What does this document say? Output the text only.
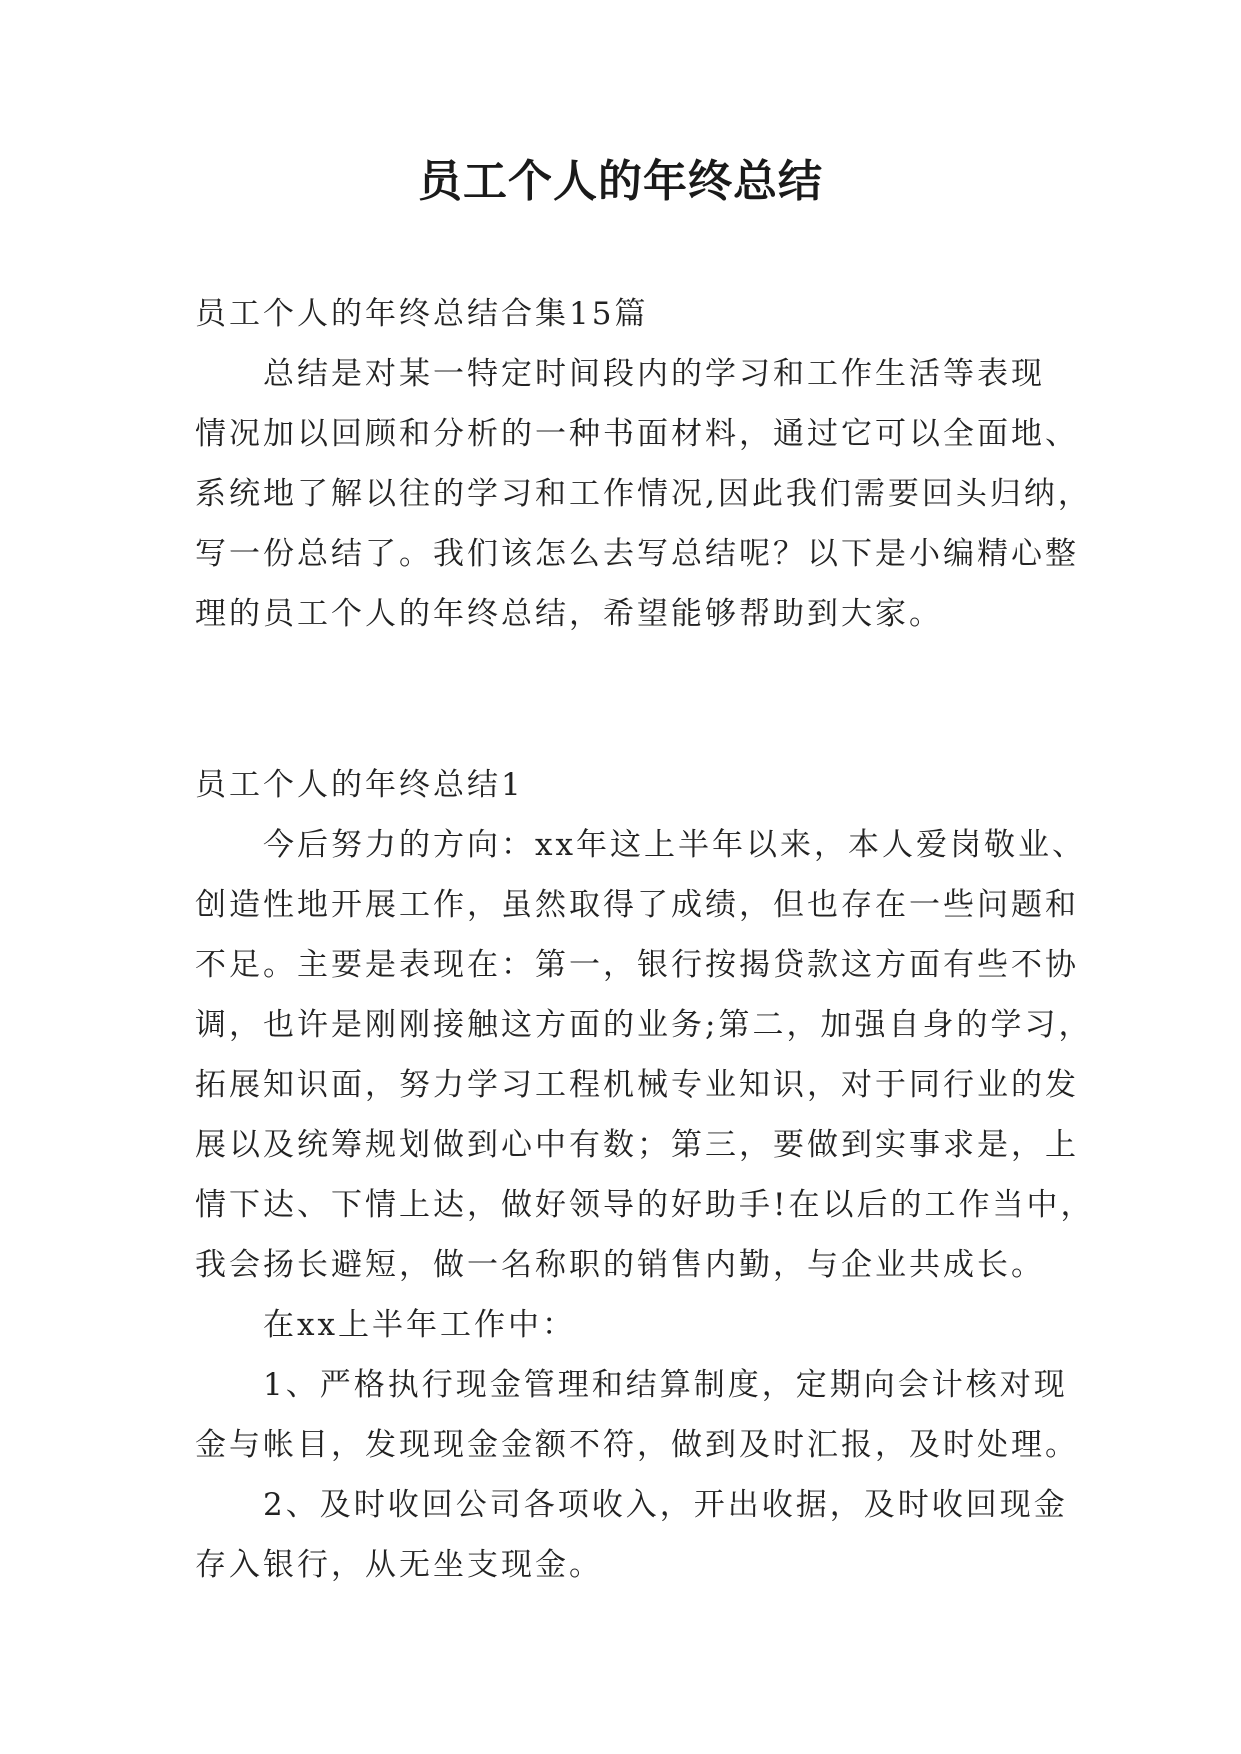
员工个人的年终总结
员工个人的年终总结合集15篇
总结是对某一特定时间段内的学习和工作生活等表现
情况加以回顾和分析的一种书面材料，通过它可以全面地、
系统地了解以往的学习和工作情况,因此我们需要回头归纳，
写一份总结了。我们该怎么去写总结呢？以下是小编精心整
理的员工个人的年终总结，希望能够帮助到大家。
员工个人的年终总结1
今后努力的方向：xx年这上半年以来，本人爱岗敬业、
创造性地开展工作，虽然取得了成绩，但也存在一些问题和
不足。主要是表现在：第一，银行按揭贷款这方面有些不协
调，也许是刚刚接触这方面的业务;第二，加强自身的学习，
拓展知识面，努力学习工程机械专业知识，对于同行业的发
展以及统筹规划做到心中有数；第三，要做到实事求是，上
情下达、下情上达，做好领导的好助手!在以后的工作当中，
我会扬长避短，做一名称职的销售内勤，与企业共成长。
在xx上半年工作中：
1、严格执行现金管理和结算制度，定期向会计核对现
金与帐目，发现现金金额不符，做到及时汇报，及时处理。
2、及时收回公司各项收入，开出收据，及时收回现金
存入银行，从无坐支现金。
